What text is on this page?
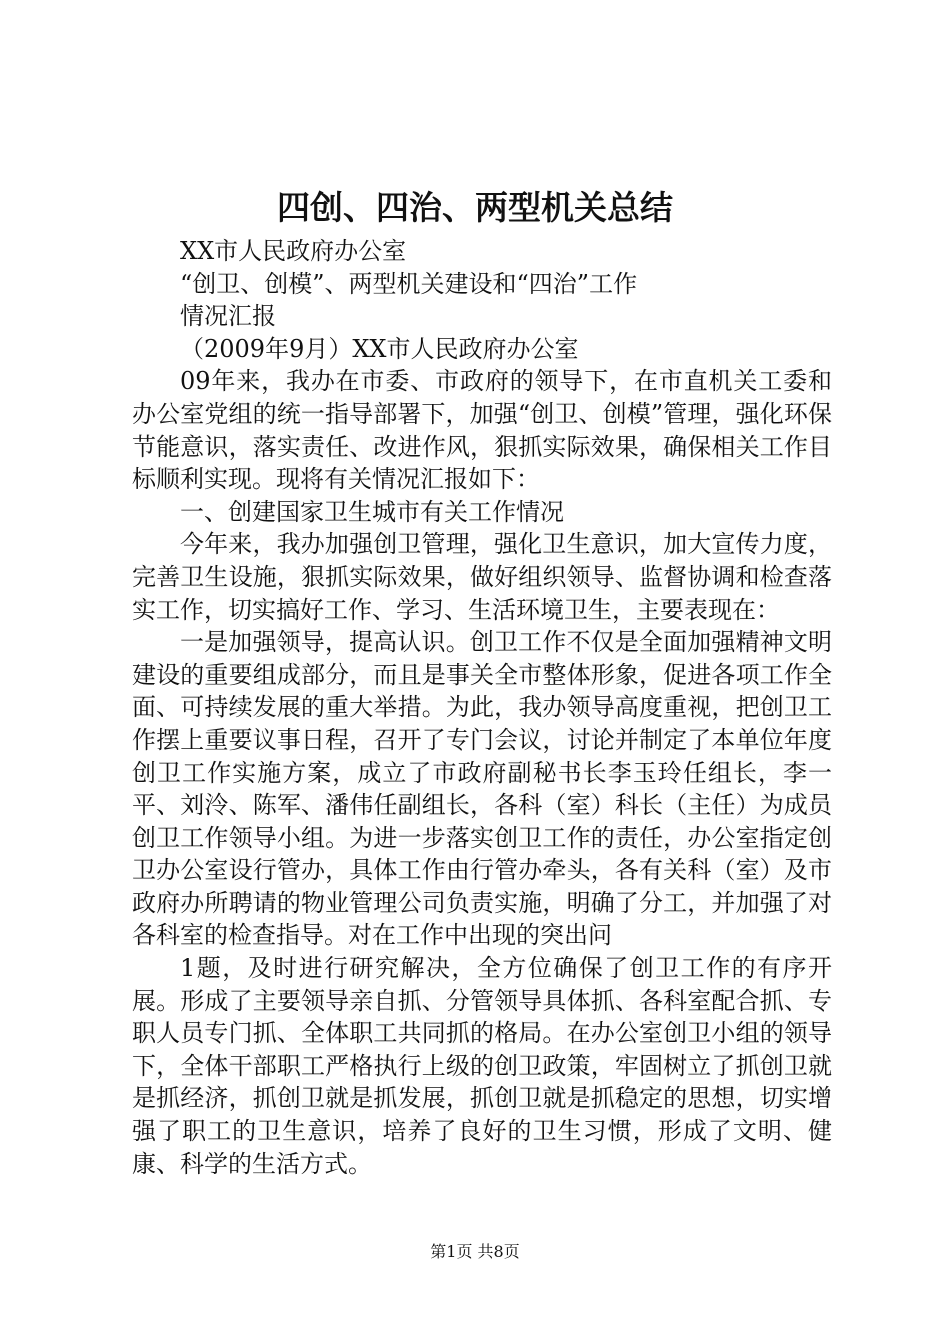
四创、四治、两型机关总结

XX市人民政府办公室

“创卫、创模”、两型机关建设和“四治”工作

情况汇报

（2009年9月）XX市人民政府办公室

09年来，我办在市委、市政府的领导下，在市直机关工委和办公室党组的统一指导部署下，加强“创卫、创模”管理，强化环保节能意识，落实责任、改进作风，狠抓实际效果，确保相关工作目标顺利实现。现将有关情况汇报如下：

一、创建国家卫生城市有关工作情况

今年来，我办加强创卫管理，强化卫生意识，加大宣传力度，完善卫生设施，狠抓实际效果，做好组织领导、监督协调和检查落实工作，切实搞好工作、学习、生活环境卫生，主要表现在：

一是加强领导，提高认识。创卫工作不仅是全面加强精神文明建设的重要组成部分，而且是事关全市整体形象，促进各项工作全面、可持续发展的重大举措。为此，我办领导高度重视，把创卫工作摆上重要议事日程，召开了专门会议，讨论并制定了本单位年度创卫工作实施方案，成立了市政府副秘书长李玉玲任组长，李一平、刘泠、陈军、潘伟任副组长，各科（室）科长（主任）为成员创卫工作领导小组。为进一步落实创卫工作的责任，办公室指定创卫办公室设行管办，具体工作由行管办牵头，各有关科（室）及市政府办所聘请的物业管理公司负责实施，明确了分工，并加强了对各科室的检查指导。对在工作中出现的突出问

1题，及时进行研究解决，全方位确保了创卫工作的有序开展。形成了主要领导亲自抓、分管领导具体抓、各科室配合抓、专职人员专门抓、全体职工共同抓的格局。在办公室创卫小组的领导下，全体干部职工严格执行上级的创卫政策，牢固树立了抓创卫就是抓经济，抓创卫就是抓发展，抓创卫就是抓稳定的思想，切实增强了职工的卫生意识，培养了良好的卫生习惯，形成了文明、健康、科学的生活方式。

第1页 共8页
